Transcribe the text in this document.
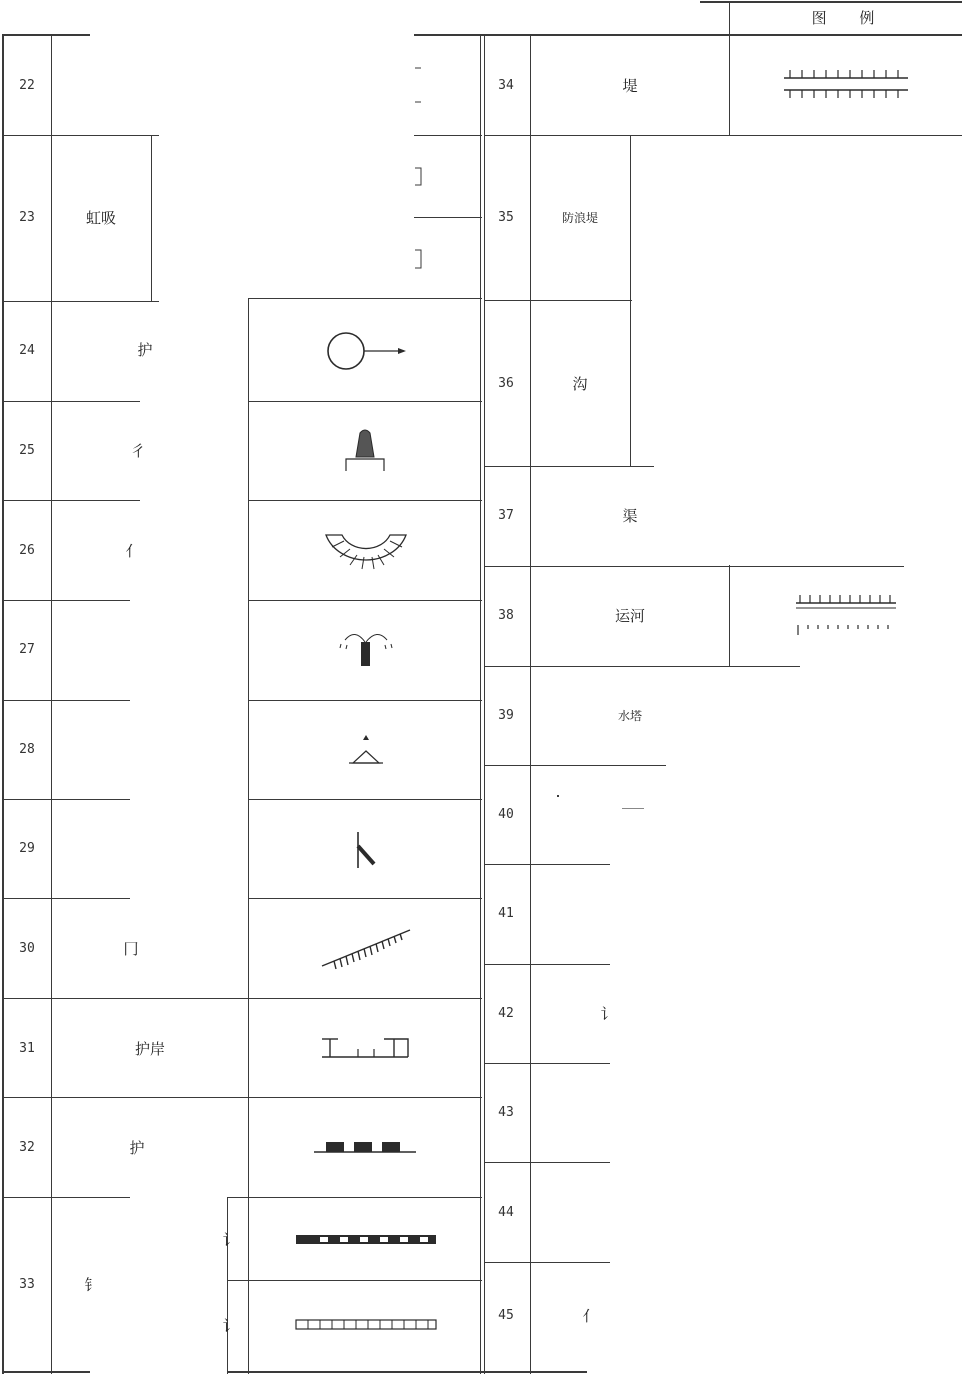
图 例
22
23
24
25
26
27
28
29
30
31
32
33
虹吸
护
彳
亻
冂
护岸
护
钅
讠
讠
34
35
36
37
38
39
40
41
42
43
44
45
堤
防浪堤
沟
渠
运河
水塔
讠
亻
